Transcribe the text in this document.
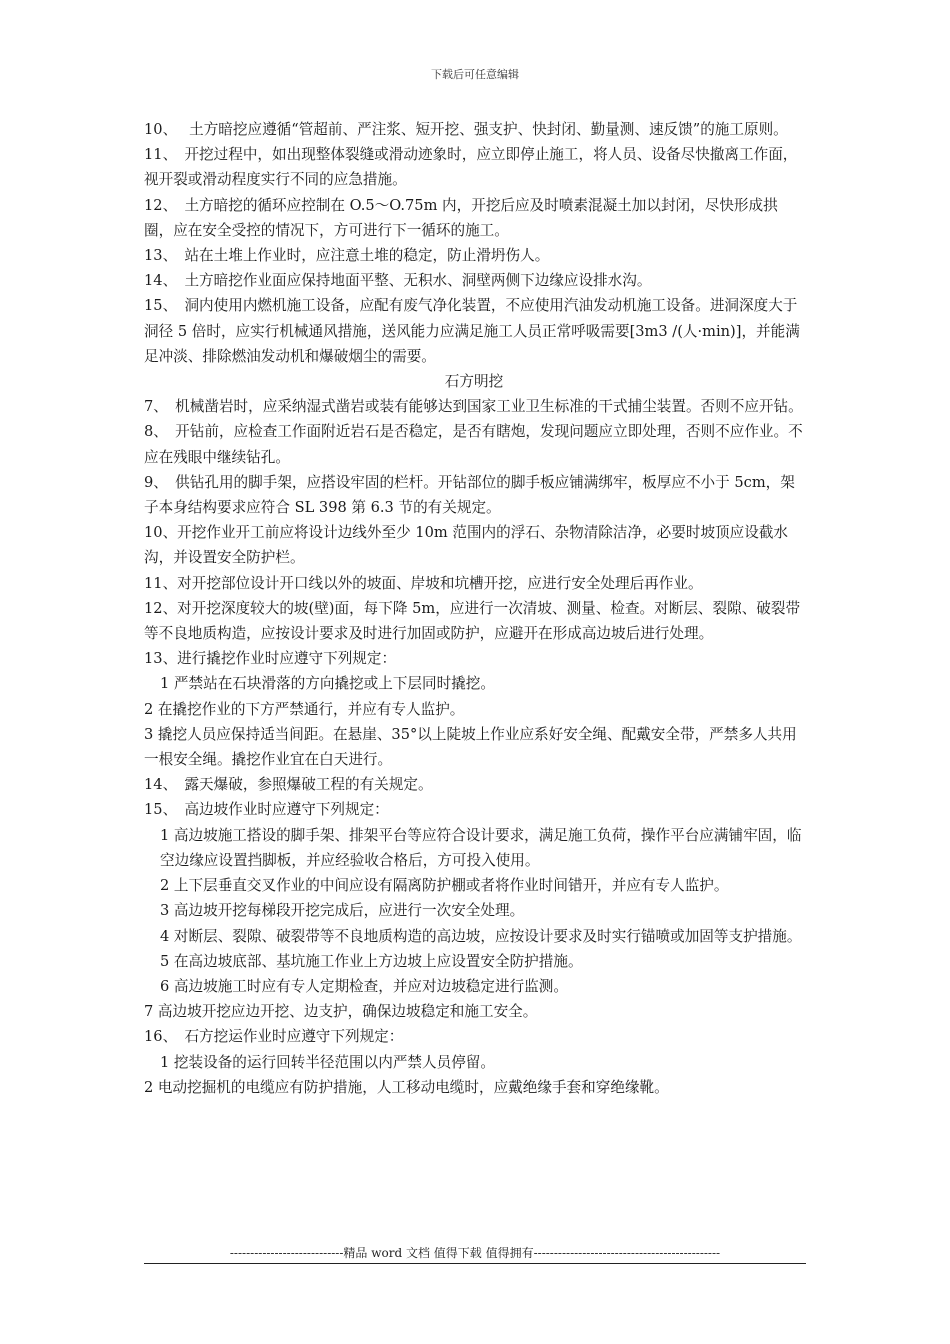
下载后可任意编辑

10、　 土方暗挖应遵循“管超前、严注浆、短开挖、强支护、快封闭、勤量测、速反馈”的施工原则。

11、　开挖过程中，如出现整体裂缝或滑动迹象时，应立即停止施工，将人员、设备尽快撤离工作面，视开裂或滑动程度实行不同的应急措施。

12、　土方暗挖的循环应控制在 O.5～O.75m 内，开挖后应及时喷素混凝土加以封闭，尽快形成拱圈，应在安全受控的情况下，方可进行下一循环的施工。

13、　站在土堆上作业时，应注意土堆的稳定，防止滑坍伤人。

14、　土方暗挖作业面应保持地面平整、无积水、洞壁两侧下边缘应设排水沟。

15、　洞内使用内燃机施工设备，应配有废气净化装置，不应使用汽油发动机施工设备。进洞深度大于洞径 5 倍时，应实行机械通风措施，送风能力应满足施工人员正常呼吸需要[3m3 /(人·min)]，并能满足冲淡、排除燃油发动机和爆破烟尘的需要。

石方明挖

7、　机械凿岩时，应采纳湿式凿岩或装有能够达到国家工业卫生标准的干式捕尘装置。否则不应开钻。

8、　开钻前，应检查工作面附近岩石是否稳定，是否有瞎炮，发现问题应立即处理，否则不应作业。不应在残眼中继续钻孔。

9、　供钻孔用的脚手架，应搭设牢固的栏杆。开钻部位的脚手板应铺满绑牢，板厚应不小于 5cm，架子本身结构要求应符合 SL 398 第 6.3 节的有关规定。

10、开挖作业开工前应将设计边线外至少 10m 范围内的浮石、杂物清除洁净，必要时坡顶应设截水沟，并设置安全防护栏。

11、对开挖部位设计开口线以外的坡面、岸坡和坑槽开挖，应进行安全处理后再作业。

12、对开挖深度较大的坡(壁)面，每下降 5m，应进行一次清坡、测量、检查。对断层、裂隙、破裂带等不良地质构造，应按设计要求及时进行加固或防护，应避开在形成高边坡后进行处理。

13、进行撬挖作业时应遵守下列规定：

1 严禁站在石块滑落的方向撬挖或上下层同时撬挖。

2 在撬挖作业的下方严禁通行，并应有专人监护。

3 撬挖人员应保持适当间距。在悬崖、35°以上陡坡上作业应系好安全绳、配戴安全带，严禁多人共用一根安全绳。撬挖作业宜在白天进行。

14、　露天爆破，参照爆破工程的有关规定。

15、　高边坡作业时应遵守下列规定：

1 高边坡施工搭设的脚手架、排架平台等应符合设计要求，满足施工负荷，操作平台应满铺牢固，临空边缘应设置挡脚板，并应经验收合格后，方可投入使用。

2 上下层垂直交叉作业的中间应设有隔离防护棚或者将作业时间错开，并应有专人监护。

3 高边坡开挖每梯段开挖完成后，应进行一次安全处理。

4 对断层、裂隙、破裂带等不良地质构造的高边坡，应按设计要求及时实行锚喷或加固等支护措施。

5 在高边坡底部、基坑施工作业上方边坡上应设置安全防护措施。

6 高边坡施工时应有专人定期检查，并应对边坡稳定进行监测。

7 高边坡开挖应边开挖、边支护，确保边坡稳定和施工安全。

16、　石方挖运作业时应遵守下列规定：

1 挖装设备的运行回转半径范围以内严禁人员停留。

2 电动挖掘机的电缆应有防护措施，人工移动电缆时，应戴绝缘手套和穿绝缘靴。

----------------------------精品 word 文档 值得下载 值得拥有----------------------------------------------
